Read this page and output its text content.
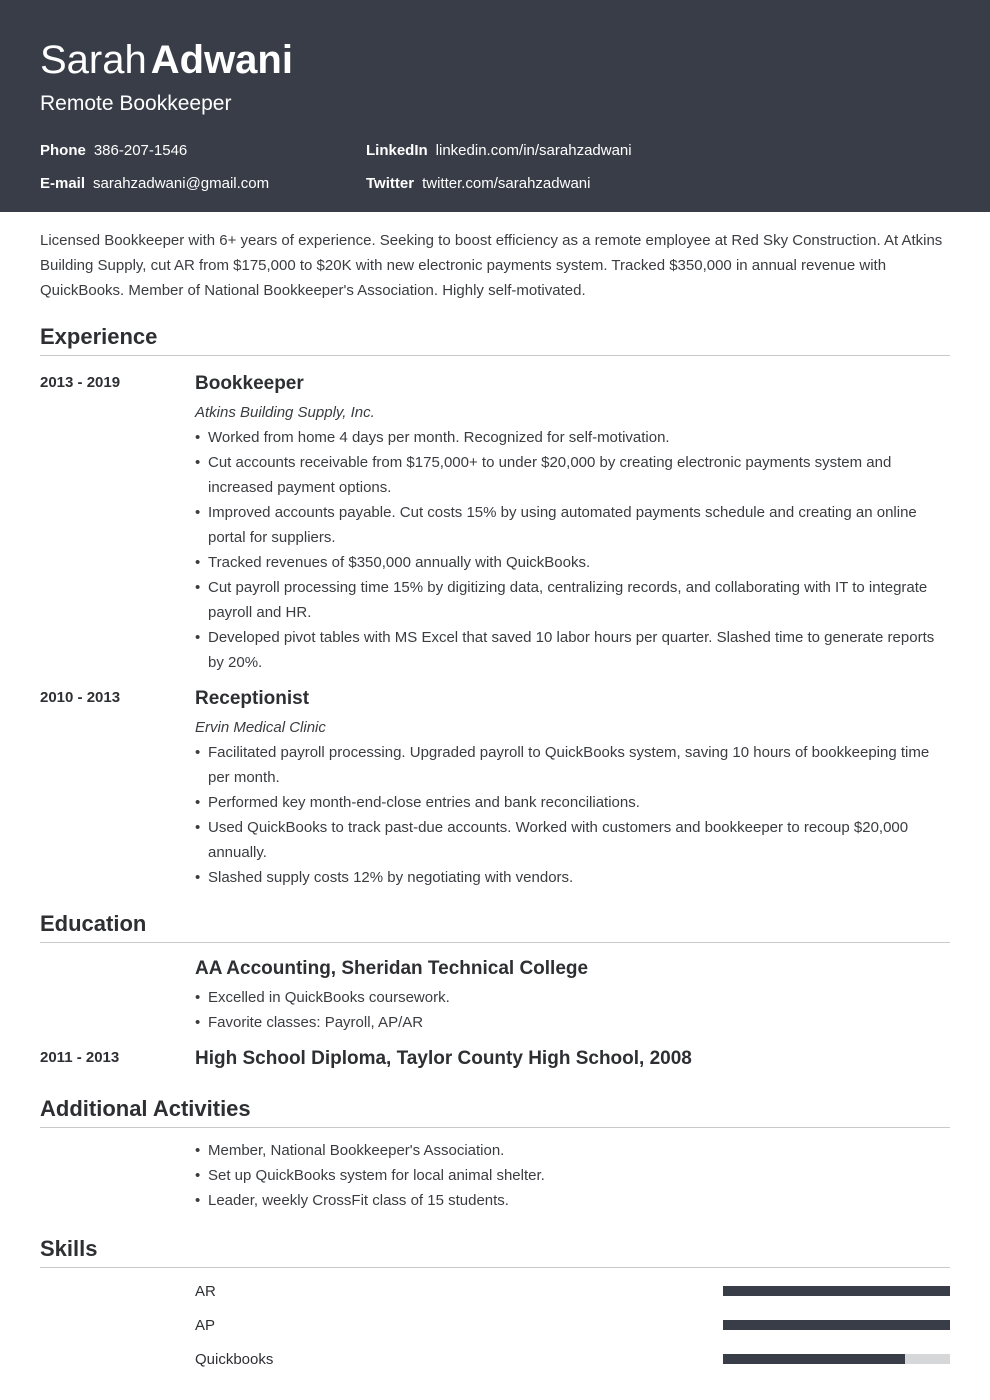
Sarah Adwani
Remote Bookkeeper
Phone 386-207-1546	LinkedIn linkedin.com/in/sarahzadwani
E-mail sarahzadwani@gmail.com	Twitter twitter.com/sarahzadwani
Licensed Bookkeeper with 6+ years of experience. Seeking to boost efficiency as a remote employee at Red Sky Construction. At Atkins Building Supply, cut AR from $175,000 to $20K with new electronic payments system. Tracked $350,000 in annual revenue with QuickBooks. Member of National Bookkeeper's Association. Highly self-motivated.
Experience
2013 - 2019	Bookkeeper
Atkins Building Supply, Inc.
• Worked from home 4 days per month. Recognized for self-motivation.
• Cut accounts receivable from $175,000+ to under $20,000 by creating electronic payments system and increased payment options.
• Improved accounts payable. Cut costs 15% by using automated payments schedule and creating an online portal for suppliers.
• Tracked revenues of $350,000 annually with QuickBooks.
• Cut payroll processing time 15% by digitizing data, centralizing records, and collaborating with IT to integrate payroll and HR.
• Developed pivot tables with MS Excel that saved 10 labor hours per quarter. Slashed time to generate reports by 20%.
2010 - 2013	Receptionist
Ervin Medical Clinic
• Facilitated payroll processing. Upgraded payroll to QuickBooks system, saving 10 hours of bookkeeping time per month.
• Performed key month-end-close entries and bank reconciliations.
• Used QuickBooks to track past-due accounts. Worked with customers and bookkeeper to recoup $20,000 annually.
• Slashed supply costs 12% by negotiating with vendors.
Education
AA Accounting, Sheridan Technical College
• Excelled in QuickBooks coursework.
• Favorite classes: Payroll, AP/AR
2011 - 2013	High School Diploma, Taylor County High School, 2008
Additional Activities
• Member, National Bookkeeper's Association.
• Set up QuickBooks system for local animal shelter.
• Leader, weekly CrossFit class of 15 students.
Skills
AR
AP
Quickbooks
